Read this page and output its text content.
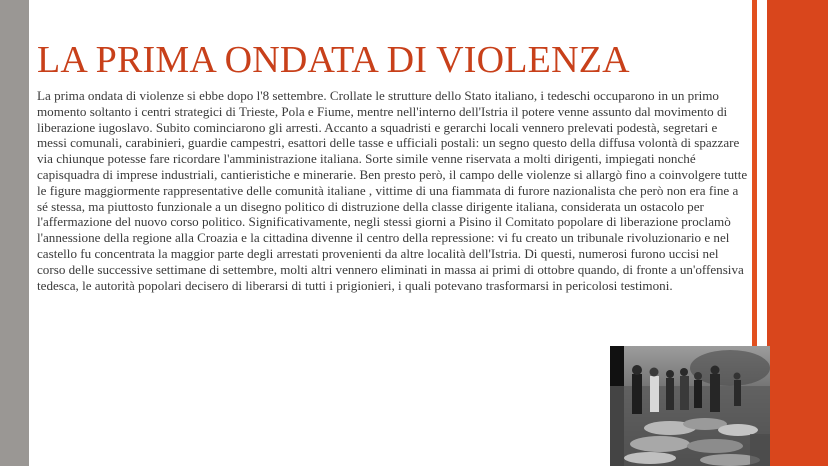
LA PRIMA ONDATA DI VIOLENZA

La prima ondata di violenze si ebbe dopo l'8 settembre. Crollate le strutture dello Stato italiano, i tedeschi occuparono in un primo momento soltanto i centri strategici di Trieste, Pola e Fiume, mentre nell'interno dell'Istria il potere venne assunto dal movimento di liberazione iugoslavo. Subito cominciarono gli arresti. Accanto a squadristi e gerarchi locali vennero prelevati podestà, segretari e messi comunali, carabinieri, guardie campestri, esattori delle tasse e ufficiali postali: un segno questo della diffusa volontà di spazzare via chiunque potesse fare ricordare l'amministrazione italiana. Sorte simile venne riservata a molti dirigenti, impiegati nonché capisquadra di imprese industriali, cantieristiche e minerarie. Ben presto però, il campo delle violenze si allargò fino a coinvolgere tutte le figure maggiormente rappresentative delle comunità italiane , vittime di una fiammata di furore nazionalista che però non era fine a sé stessa, ma piuttosto funzionale a un disegno politico di distruzione della classe dirigente italiana, considerata un ostacolo per l'affermazione del nuovo corso politico. Significativamente, negli stessi giorni a Pisino il Comitato popolare di liberazione proclamò l'annessione della regione alla Croazia e la cittadina divenne il centro della repressione: vi fu creato un tribunale rivoluzionario e nel castello fu concentrata la maggior parte degli arrestati provenienti da altre località dell'Istria. Di questi, numerosi furono uccisi nel corso delle successive settimane di settembre, molti altri vennero eliminati in massa ai primi di ottobre quando, di fronte a un'offensiva tedesca, le autorità popolari decisero di liberarsi di tutti i prigionieri, i quali potevano trasformarsi in pericolosi testimoni.
